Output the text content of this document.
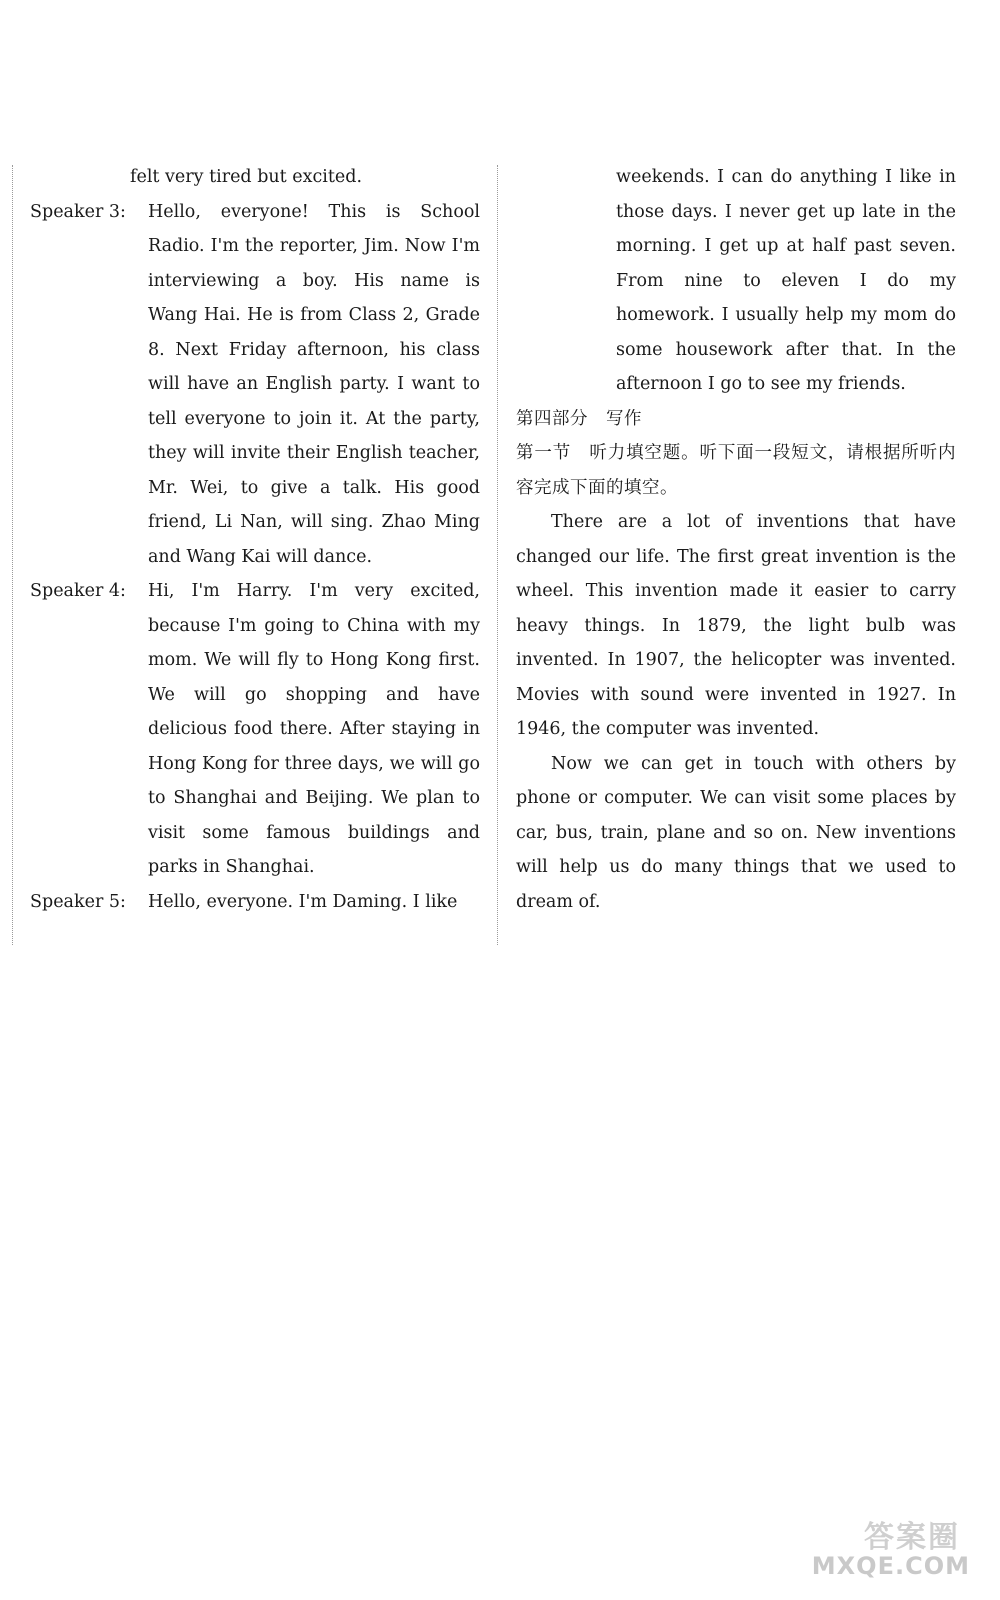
felt very tired but excited.
Speaker 3: Hello, everyone! This is School Radio. I'm the reporter, Jim. Now I'm interviewing a boy. His name is Wang Hai. He is from Class 2, Grade 8. Next Friday afternoon, his class will have an English party. I want to tell everyone to join it. At the party, they will invite their English teacher, Mr. Wei, to give a talk. His good friend, Li Nan, will sing. Zhao Ming and Wang Kai will dance.
Speaker 4: Hi, I'm Harry. I'm very excited, because I'm going to China with my mom. We will fly to Hong Kong first. We will go shopping and have delicious food there. After staying in Hong Kong for three days, we will go to Shanghai and Beijing. We plan to visit some famous buildings and parks in Shanghai.
Speaker 5: Hello, everyone. I'm Daming. I like
weekends. I can do anything I like in those days. I never get up late in the morning. I get up at half past seven. From nine to eleven I do my homework. I usually help my mom do some housework after that. In the afternoon I go to see my friends.
第四部分 写作
第一节　听力填空题。听下面一段短文，请根据所听内容完成下面的填空。

There are a lot of inventions that have changed our life. The first great invention is the wheel. This invention made it easier to carry heavy things. In 1879, the light bulb was invented. In 1907, the helicopter was invented. Movies with sound were invented in 1927. In 1946, the computer was invented.

Now we can get in touch with others by phone or computer. We can visit some places by car, bus, train, plane and so on. New inventions will help us do many things that we used to dream of.

答案圈
MXQE.COM
